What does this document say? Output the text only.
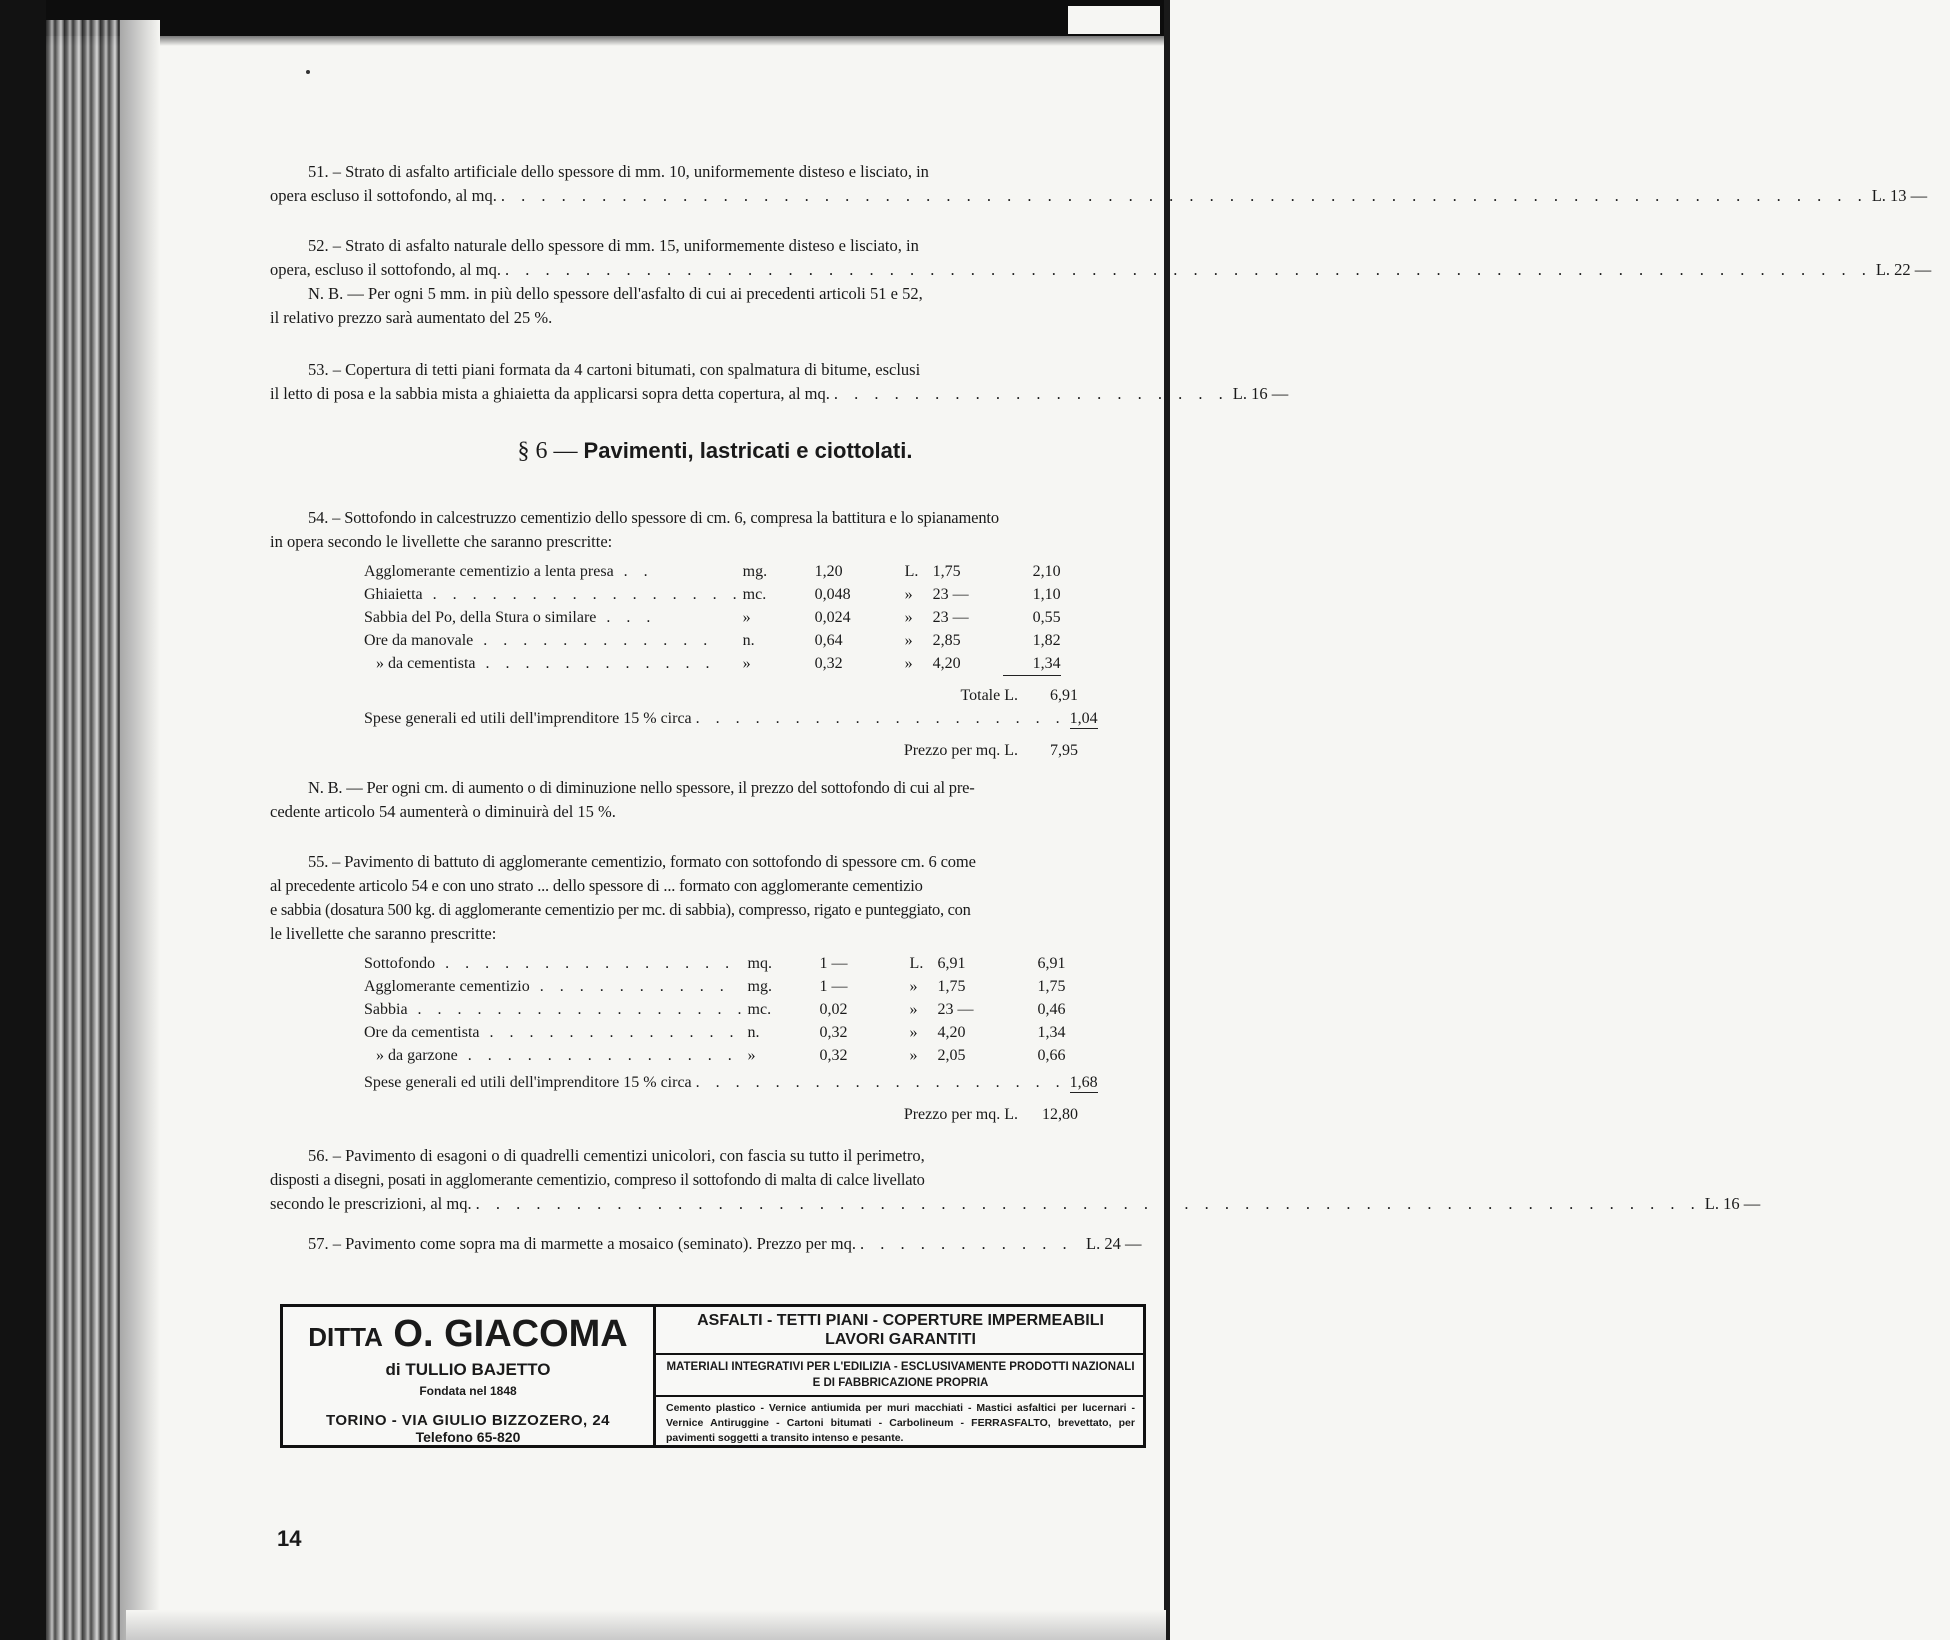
51. – Strato di asfalto artificiale dello spessore di mm. 10, uniformemente disteso e lisciato, in

opera escluso il sottofondo, al mq. . . . . . . . . . . . . . . . . . . . . . . . . . . . . . . . . . . . . . . . . . . . . . . . . . . . . . . . . . . . . . . . . . . . . L. 13 —

52. – Strato di asfalto naturale dello spessore di mm. 15, uniformemente disteso e lisciato, in

opera, escluso il sottofondo, al mq. . . . . . . . . . . . . . . . . . . . . . . . . . . . . . . . . . . . . . . . . . . . . . . . . . . . . . . . . . . . . . . . . . . . . L. 22 —

N. B. — Per ogni 5 mm. in più dello spessore dell'asfalto di cui ai precedenti articoli 51 e 52,

il relativo prezzo sarà aumentato del 25 %.

53. – Copertura di tetti piani formata da 4 cartoni bitumati, con spalmatura di bitume, esclusi

il letto di posa e la sabbia mista a ghiaietta da applicarsi sopra detta copertura, al mq. . . . . . . . . . . . . . . . . . . . . L. 16 —
§ 6 — Pavimenti, lastricati e ciottolati.

54. – Sottofondo in calcestruzzo cementizio dello spessore di cm. 6, compresa la battitura e lo spianamento

in opera secondo le livellette che saranno prescritte:

Agglomerante cementizio a lenta presa . .	mg.	1,20	L.	1,75	2,10
Ghiaietta . . . . . . . . . . . . . . . .	mc.	0,048	»	23 —	1,10
Sabbia del Po, della Stura o similare . . .	»	0,024	»	23 —	0,55
Ore da manovale . . . . . . . . . . . .	n.	0,64	»	2,85	1,82
» da cementista . . . . . . . . . . . .	»	0,32	»	4,20	1,34
Totale L. 6,91
Spese generali ed utili dell'imprenditore 15 % circa . . . . . . . . . . . . . . . . . . . 1,04
Prezzo per mq. L. 7,95

N. B. — Per ogni cm. di aumento o di diminuzione nello spessore, il prezzo del sottofondo di cui al pre-

cedente articolo 54 aumenterà o diminuirà del 15 %.

55. – Pavimento di battuto di agglomerante cementizio, formato con sottofondo di spessore cm. 6 come

al precedente articolo 54 e con uno strato ... dello spessore di ... formato con agglomerante cementizio

e sabbia (dosatura 500 kg. di agglomerante cementizio per mc. di sabbia), compresso, rigato e punteggiato, con

le livellette che saranno prescritte:

Sottofondo . . . . . . . . . . . . . . .	mq.	1 —	L.	6,91	6,91
Agglomerante cementizio . . . . . . . . . .	mg.	1 —	»	1,75	1,75
Sabbia . . . . . . . . . . . . . . . . .	mc.	0,02	»	23 —	0,46
Ore da cementista . . . . . . . . . . . . .	n.	0,32	»	4,20	1,34
» da garzone . . . . . . . . . . . . . .	»	0,32	»	2,05	0,66
Spese generali ed utili dell'imprenditore 15 % circa . . . . . . . . . . . . . . . . . . . 1,68
Prezzo per mq. L. 12,80

56. – Pavimento di esagoni o di quadrelli cementizi unicolori, con fascia su tutto il perimetro,

disposti a disegni, posati in agglomerante cementizio, compreso il sottofondo di malta di calce livellato

secondo le prescrizioni, al mq. . . . . . . . . . . . . . . . . . . . . . . . . . . . . . . . . . . . . . . . . . . . . . . . . . . . . . . . . . . . . . L. 16 —
57. – Pavimento come sopra ma di marmette a mosaico (seminato). Prezzo per mq. . . . . . . . . . . . L. 24 —
DITTA O. GIACOMA
di TULLIO BAJETTO
Fondata nel 1848
TORINO - VIA GIULIO BIZZOZERO, 24
Telefono 65-820
ASFALTI - TETTI PIANI - COPERTURE IMPERMEABILI LAVORI GARANTITI
MATERIALI INTEGRATIVI PER L'EDILIZIA - ESCLUSIVAMENTE PRODOTTI NAZIONALI E DI FABBRICAZIONE PROPRIA
Cemento plastico - Vernice antiumida per muri macchiati - Mastici asfaltici per lucernari - Vernice Antiruggine - Cartoni bitumati - Carbolineum - FERRASFALTO, brevettato, per pavimenti soggetti a transito intenso e pesante.
14
